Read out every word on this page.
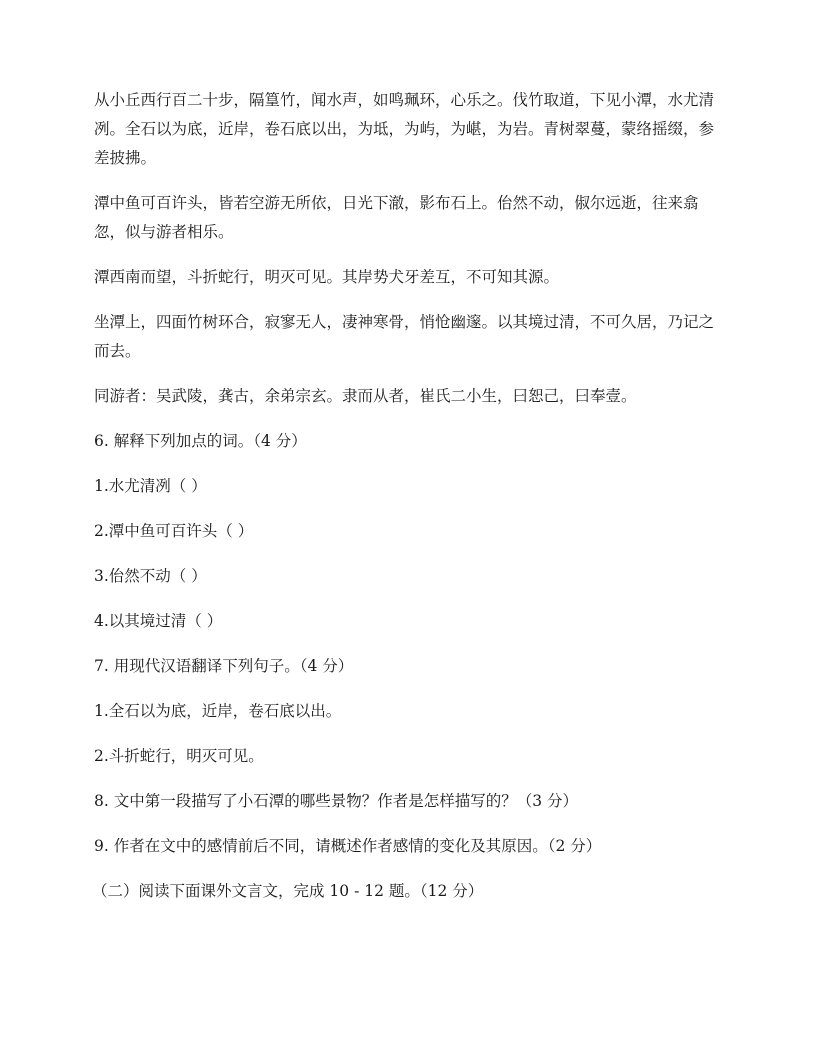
从小丘西行百二十步，隔篁竹，闻水声，如鸣珮环，心乐之。伐竹取道，下见小潭，水尤清冽。全石以为底，近岸，卷石底以出，为坻，为屿，为嵁，为岩。青树翠蔓，蒙络摇缀，参差披拂。

潭中鱼可百许头，皆若空游无所依，日光下澈，影布石上。佁然不动，俶尔远逝，往来翕忽，似与游者相乐。

潭西南而望，斗折蛇行，明灭可见。其岸势犬牙差互，不可知其源。

坐潭上，四面竹树环合，寂寥无人，凄神寒骨，悄怆幽邃。以其境过清，不可久居，乃记之而去。

同游者：吴武陵，龚古，余弟宗玄。隶而从者，崔氏二小生，曰恕己，曰奉壹。

6. 解释下列加点的词。（4 分）

1.水尤清冽（ ）

2.潭中鱼可百许头（ ）

3.佁然不动（ ）

4.以其境过清（ ）

7. 用现代汉语翻译下列句子。（4 分）

1.全石以为底，近岸，卷石底以出。

2.斗折蛇行，明灭可见。

8. 文中第一段描写了小石潭的哪些景物？作者是怎样描写的？（3 分）

9. 作者在文中的感情前后不同，请概述作者感情的变化及其原因。（2 分）

（二）阅读下面课外文言文，完成 10 - 12 题。（12 分）
